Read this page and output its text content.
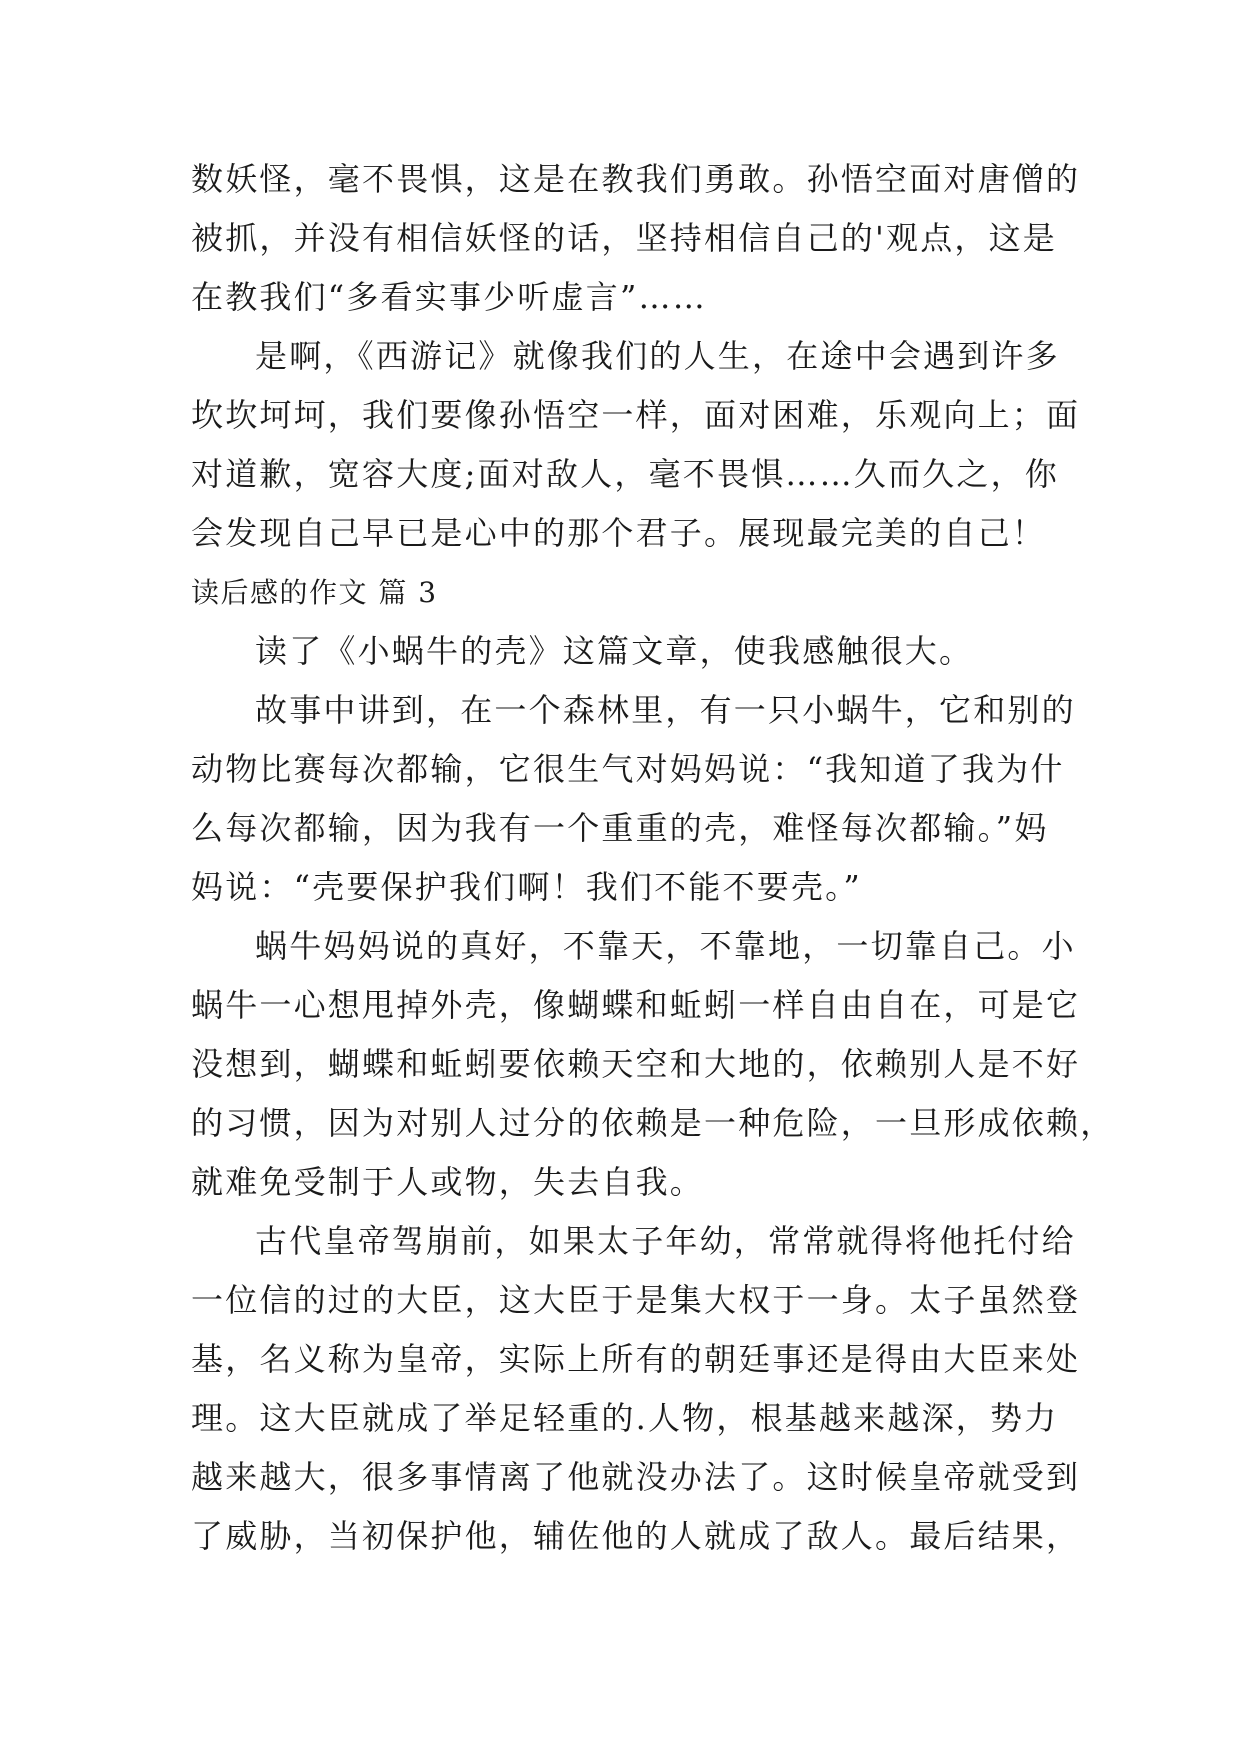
数妖怪，毫不畏惧，这是在教我们勇敢。孙悟空面对唐僧的
被抓，并没有相信妖怪的话，坚持相信自己的'观点，这是
在教我们“多看实事少听虚言”……
是啊，《西游记》就像我们的人生，在途中会遇到许多
坎坎坷坷，我们要像孙悟空一样，面对困难，乐观向上；面
对道歉，宽容大度;面对敌人，毫不畏惧……久而久之，你
会发现自己早已是心中的那个君子。展现最完美的自己！
读后感的作文 篇 3
读了《小蜗牛的壳》这篇文章，使我感触很大。
故事中讲到，在一个森林里，有一只小蜗牛，它和别的
动物比赛每次都输，它很生气对妈妈说：“我知道了我为什
么每次都输，因为我有一个重重的壳，难怪每次都输。”妈
妈说：“壳要保护我们啊！我们不能不要壳。”
蜗牛妈妈说的真好，不靠天，不靠地，一切靠自己。小
蜗牛一心想甩掉外壳，像蝴蝶和蚯蚓一样自由自在，可是它
没想到，蝴蝶和蚯蚓要依赖天空和大地的，依赖别人是不好
的习惯，因为对别人过分的依赖是一种危险，一旦形成依赖，
就难免受制于人或物，失去自我。
古代皇帝驾崩前，如果太子年幼，常常就得将他托付给
一位信的过的大臣，这大臣于是集大权于一身。太子虽然登
基，名义称为皇帝，实际上所有的朝廷事还是得由大臣来处
理。这大臣就成了举足轻重的.人物，根基越来越深，势力
越来越大，很多事情离了他就没办法了。这时候皇帝就受到
了威胁，当初保护他，辅佐他的人就成了敌人。最后结果，
